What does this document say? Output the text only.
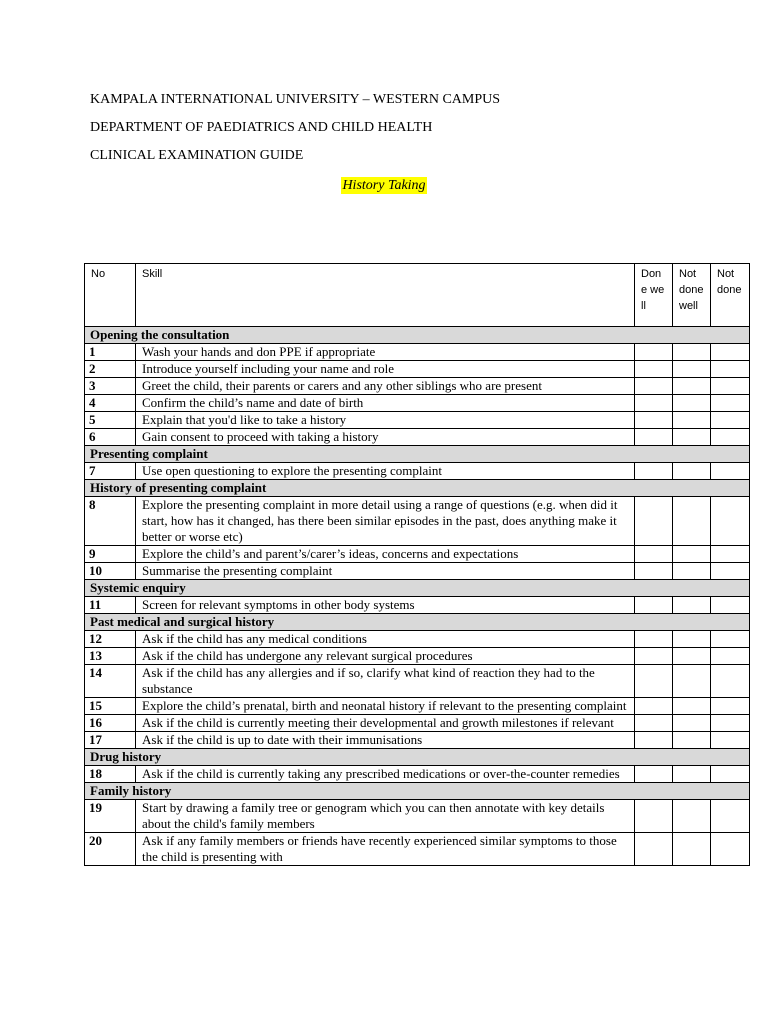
KAMPALA INTERNATIONAL UNIVERSITY – WESTERN CAMPUS
DEPARTMENT OF PAEDIATRICS AND CHILD HEALTH
CLINICAL EXAMINATION GUIDE
History Taking
No	Skill	Done well	Not done well	Not done
Opening the consultation				
1	Wash your hands and don PPE if appropriate			
2	Introduce yourself including your name and role			
3	Greet the child, their parents or carers and any other siblings who are present			
4	Confirm the child’s name and date of birth			
5	Explain that you'd like to take a history			
6	Gain consent to proceed with taking a history			
Presenting complaint				
7	Use open questioning to explore the presenting complaint			
History of presenting complaint				
8	Explore the presenting complaint in more detail using a range of questions (e.g. when did it start, how has it changed, has there been similar episodes in the past, does anything make it better or worse etc)			
9	Explore the child’s and parent’s/carer’s ideas, concerns and expectations			
10	Summarise the presenting complaint			
Systemic enquiry				
11	Screen for relevant symptoms in other body systems			
Past medical and surgical history				
12	Ask if the child has any medical conditions			
13	Ask if the child has undergone any relevant surgical procedures			
14	Ask if the child has any allergies and if so, clarify what kind of reaction they had to the substance			
15	Explore the child’s prenatal, birth and neonatal history if relevant to the presenting complaint			
16	Ask if the child is currently meeting their developmental and growth milestones if relevant			
17	Ask if the child is up to date with their immunisations			
Drug history				
18	Ask if the child is currently taking any prescribed medications or over-the-counter remedies			
Family history				
19	Start by drawing a family tree or genogram which you can then annotate with key details about the child's family members			
20	Ask if any family members or friends have recently experienced similar symptoms to those the child is presenting with			
